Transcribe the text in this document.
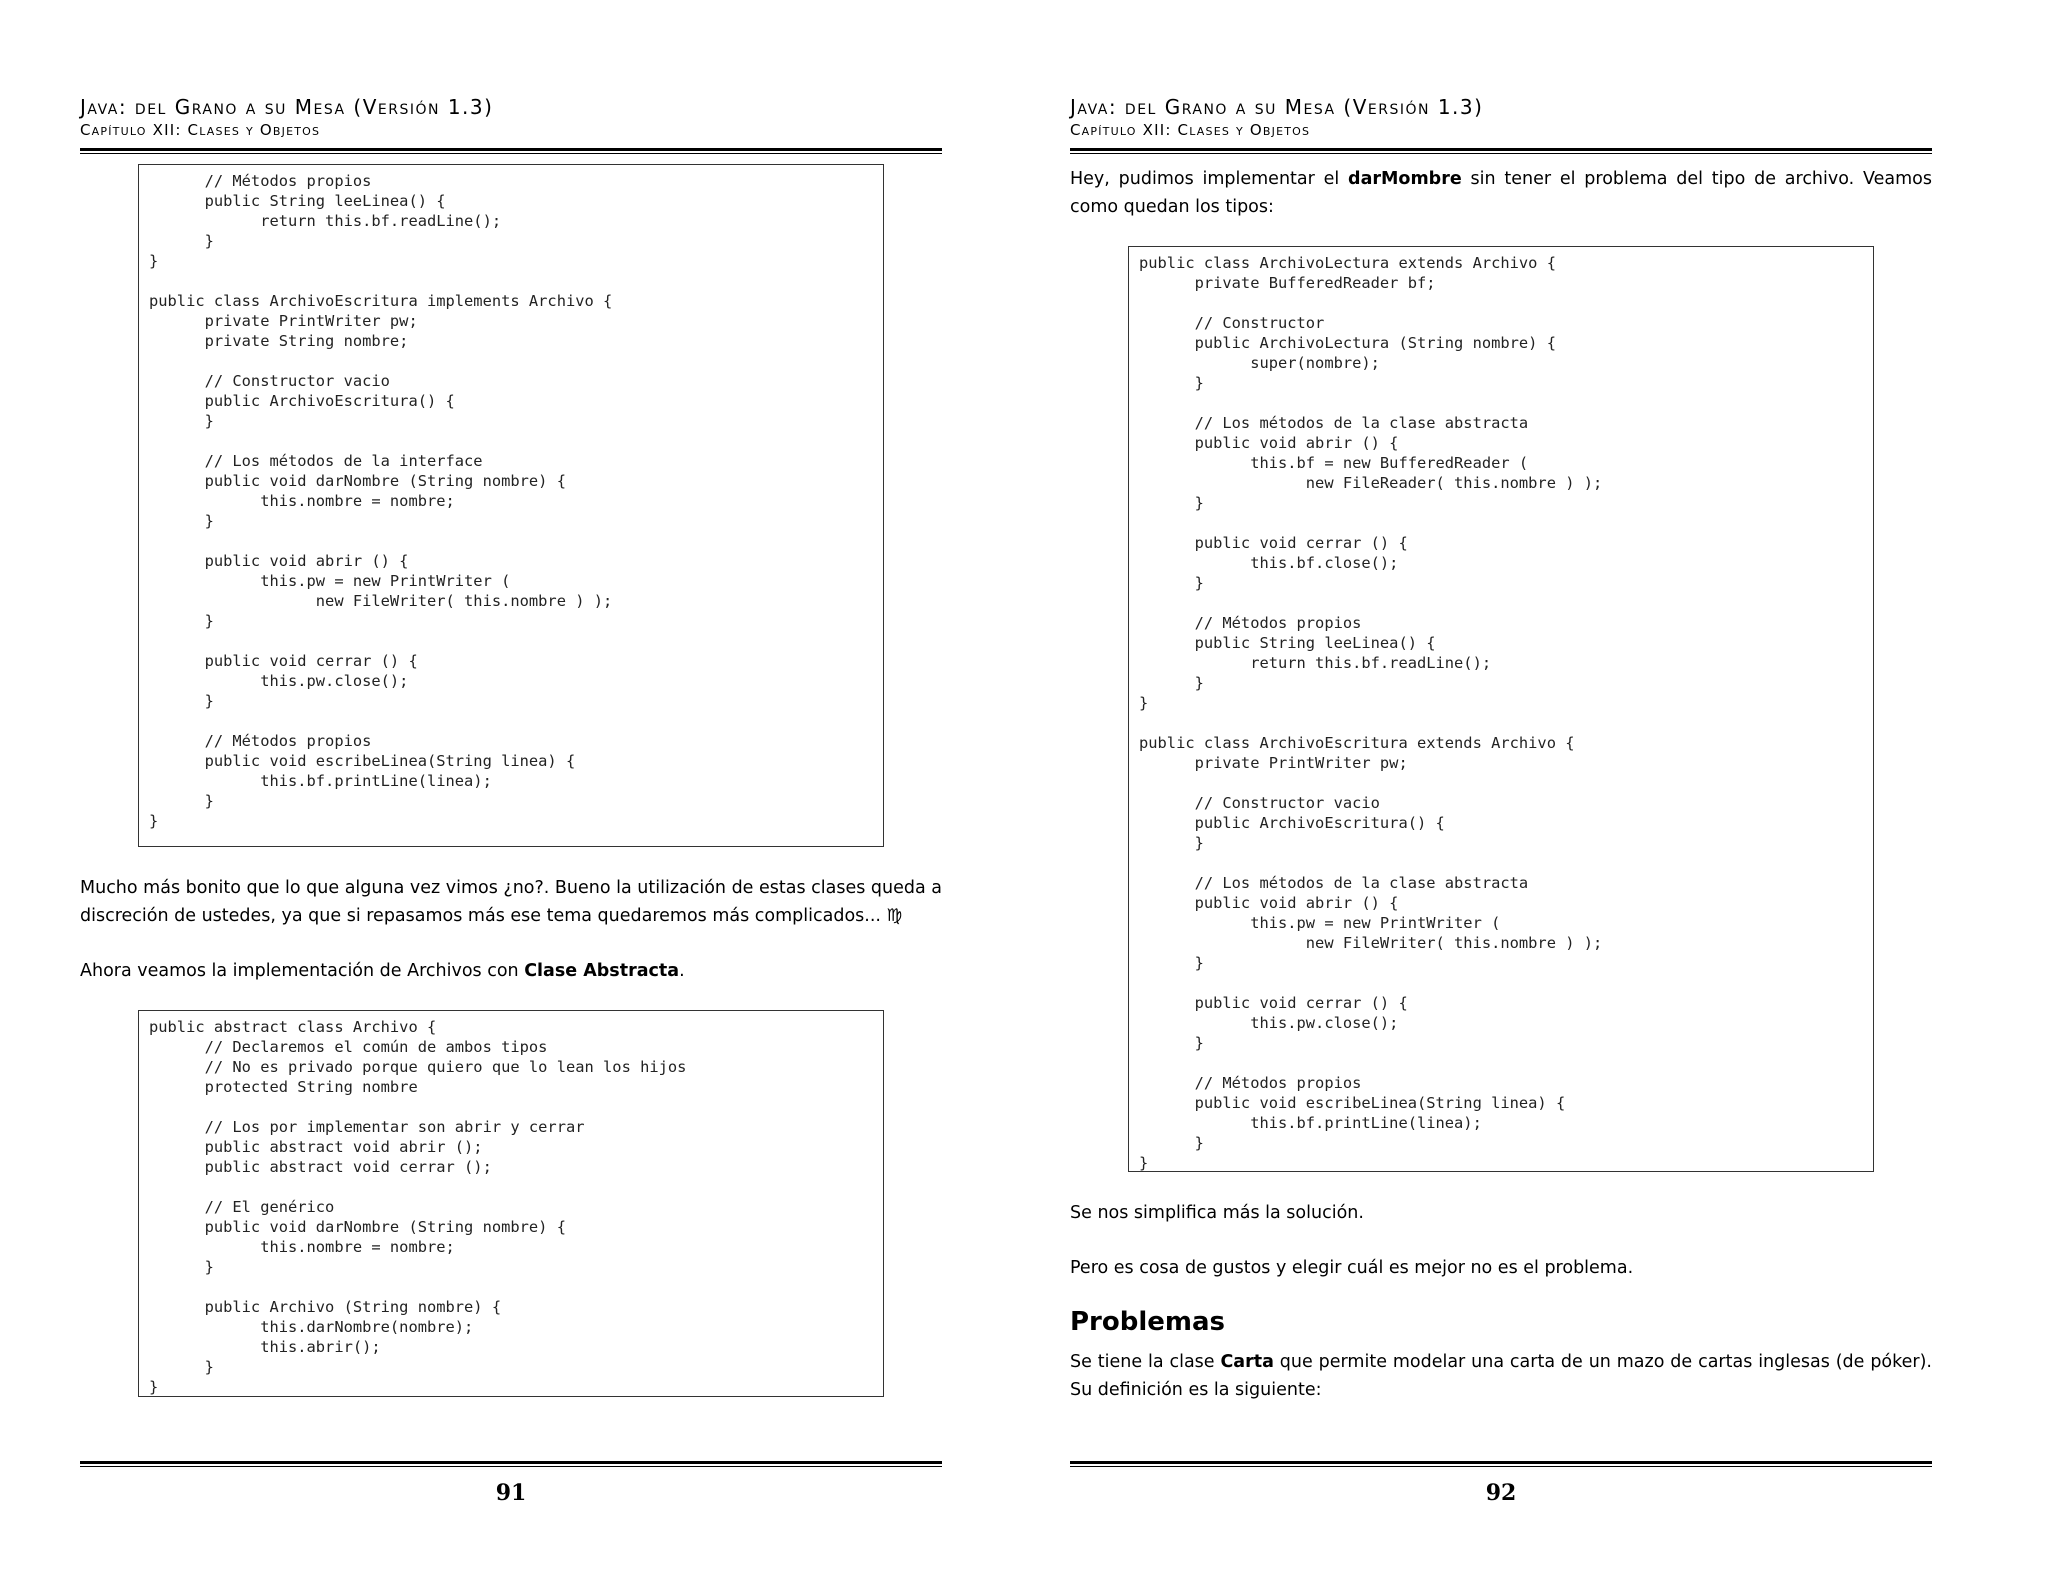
Java: del Grano a su Mesa (Versión 1.3)
Capítulo XII: Clases y Objetos
// Métodos propios
public String leeLinea() {
return this.bf.readLine();
}
}

public class ArchivoEscritura implements Archivo {
private PrintWriter pw;
private String nombre;

// Constructor vacio
public ArchivoEscritura() {
}

// Los métodos de la interface
public void darNombre (String nombre) {
this.nombre = nombre;
}

public void abrir () {
this.pw = new PrintWriter (
new FileWriter( this.nombre ) );
}

public void cerrar () {
this.pw.close();
}

// Métodos propios
public void escribeLinea(String linea) {
this.bf.printLine(linea);
}
}
Mucho más bonito que lo que alguna vez vimos ¿no?. Bueno la utilización de estas clases queda a discreción de ustedes, ya que si repasamos más ese tema quedaremos más complicados... ♍
Ahora veamos la implementación de Archivos con Clase Abstracta.
public abstract class Archivo {
// Declaremos el común de ambos tipos
// No es privado porque quiero que lo lean los hijos
protected String nombre

// Los por implementar son abrir y cerrar
public abstract void abrir ();
public abstract void cerrar ();

// El genérico
public void darNombre (String nombre) {
this.nombre = nombre;
}

public Archivo (String nombre) {
this.darNombre(nombre);
this.abrir();
}
}
91
Java: del Grano a su Mesa (Versión 1.3)
Capítulo XII: Clases y Objetos
Hey, pudimos implementar el darMombre sin tener el problema del tipo de archivo. Veamos como quedan los tipos:
public class ArchivoLectura extends Archivo {
private BufferedReader bf;

// Constructor
public ArchivoLectura (String nombre) {
super(nombre);
}

// Los métodos de la clase abstracta
public void abrir () {
this.bf = new BufferedReader (
new FileReader( this.nombre ) );
}

public void cerrar () {
this.bf.close();
}

// Métodos propios
public String leeLinea() {
return this.bf.readLine();
}
}

public class ArchivoEscritura extends Archivo {
private PrintWriter pw;

// Constructor vacio
public ArchivoEscritura() {
}

// Los métodos de la clase abstracta
public void abrir () {
this.pw = new PrintWriter (
new FileWriter( this.nombre ) );
}

public void cerrar () {
this.pw.close();
}

// Métodos propios
public void escribeLinea(String linea) {
this.bf.printLine(linea);
}
}
Se nos simplifica más la solución.
Pero es cosa de gustos y elegir cuál es mejor no es el problema.
Problemas
Se tiene la clase Carta que permite modelar una carta de un mazo de cartas inglesas (de póker). Su definición es la siguiente:
92
